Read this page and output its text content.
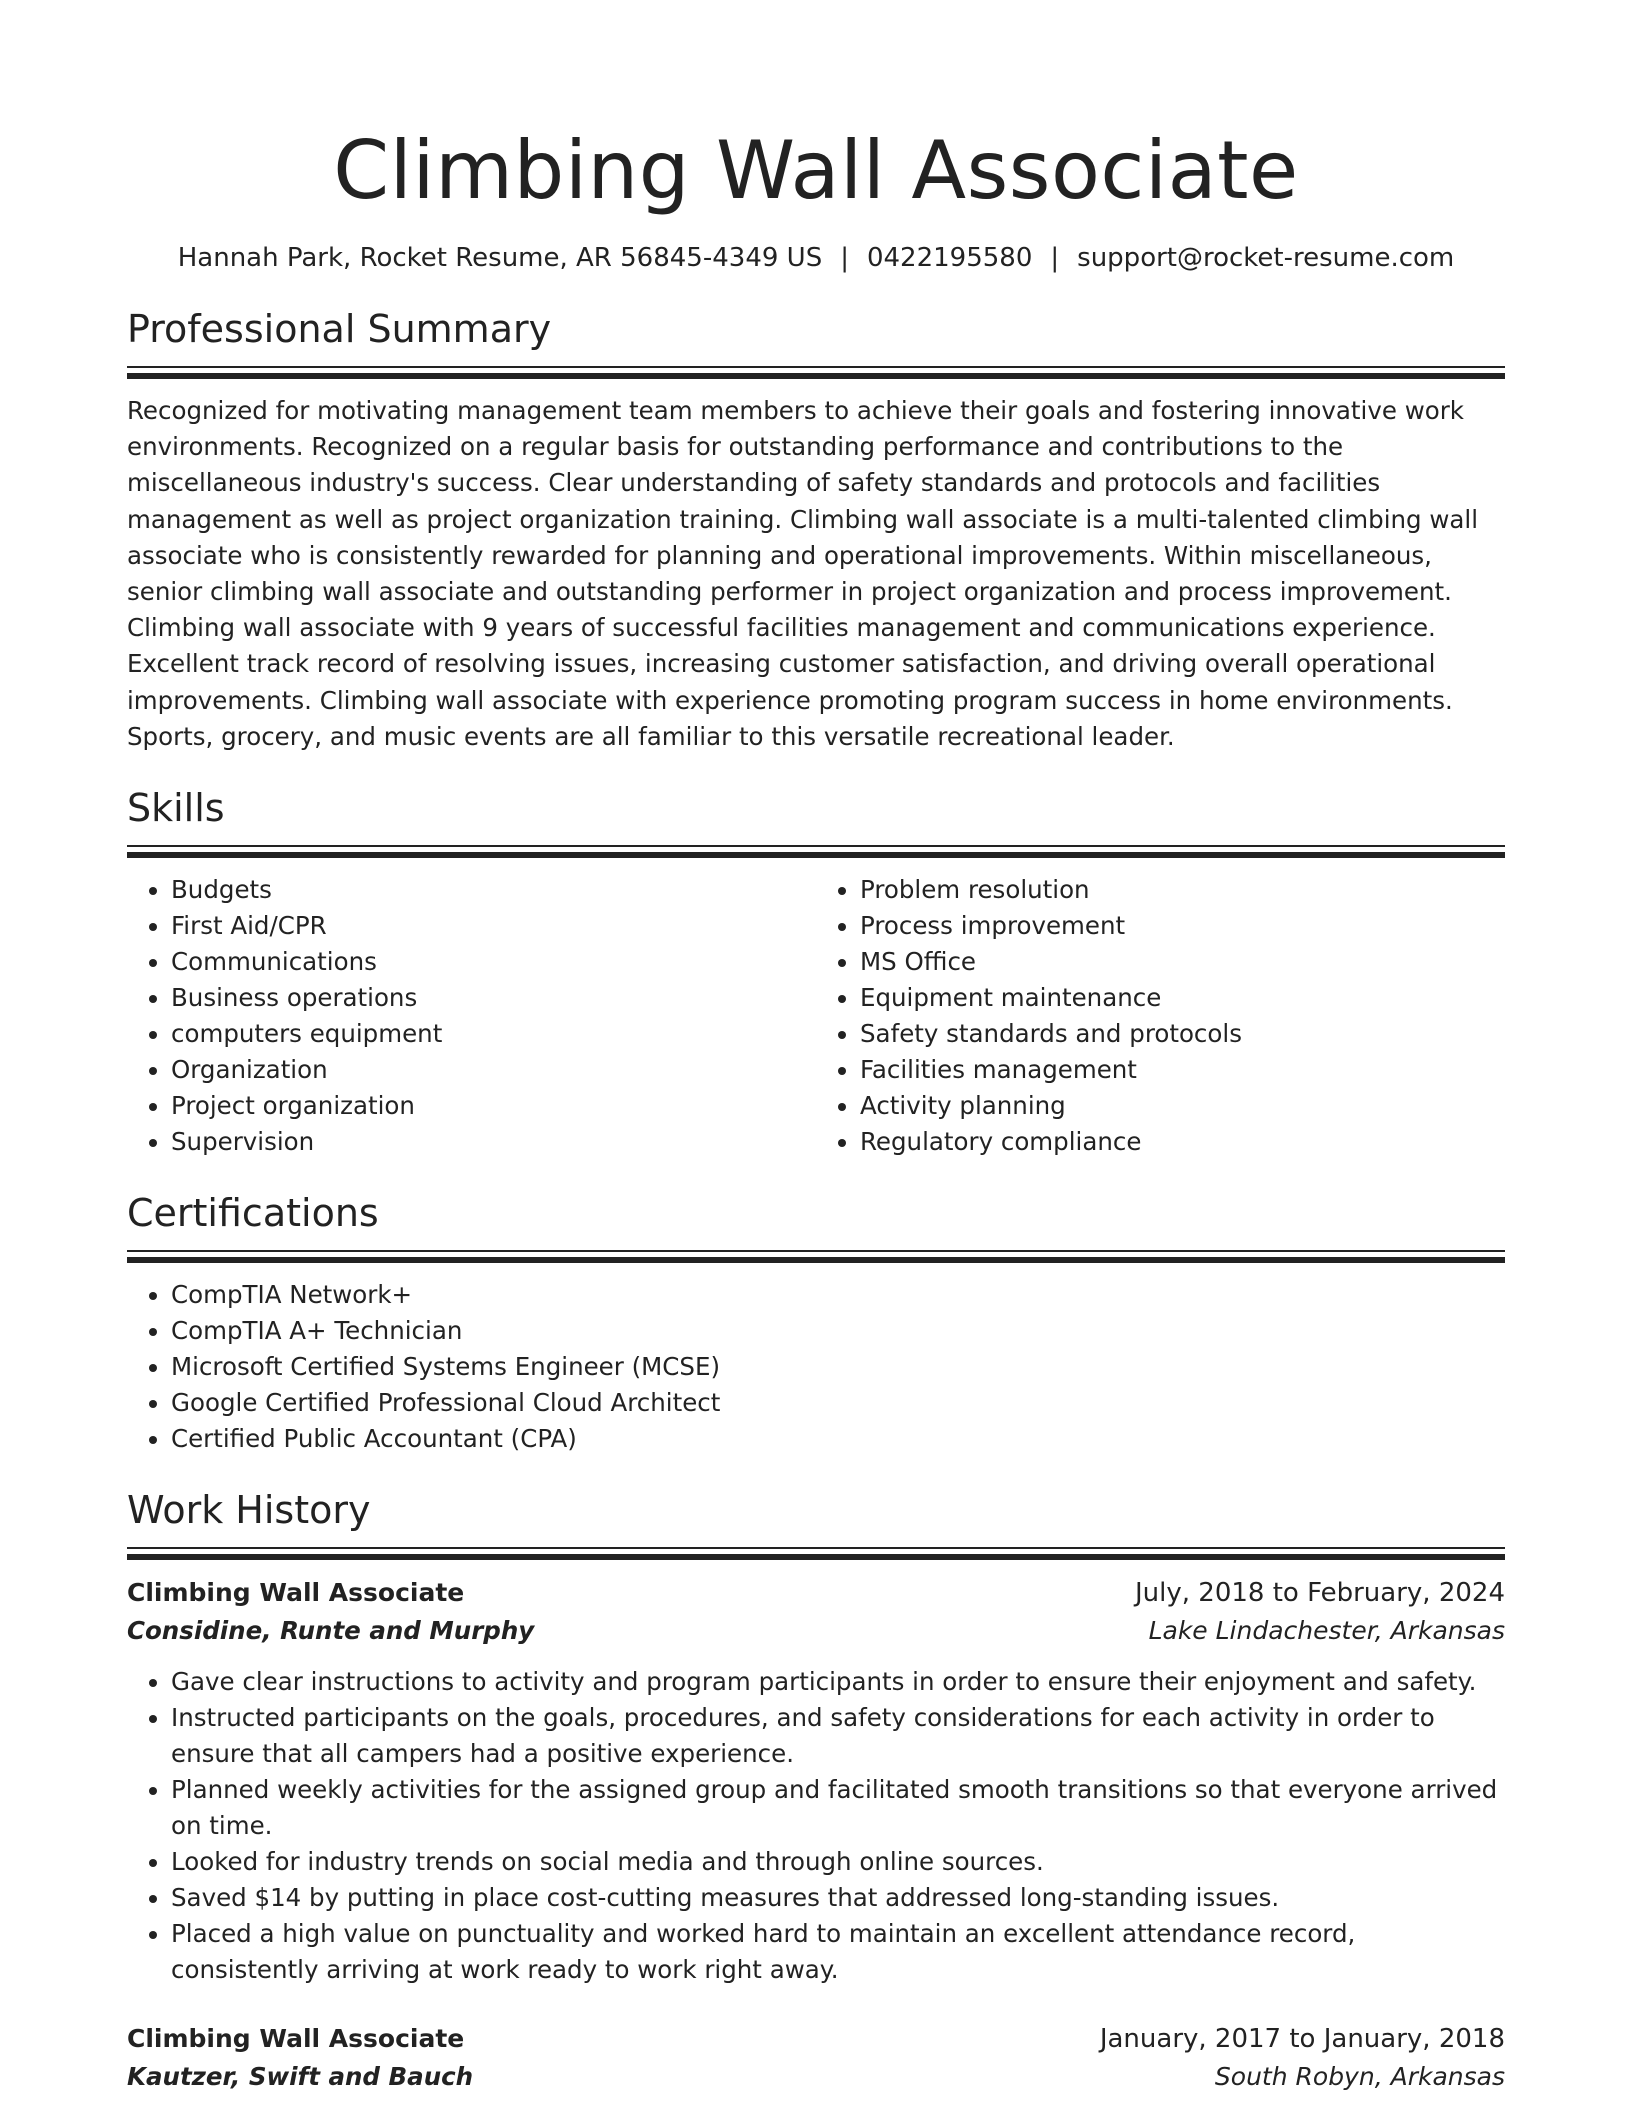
Climbing Wall Associate
Hannah Park, Rocket Resume, AR 56845-4349 US | 0422195580 | support@rocket-resume.com
Professional Summary

Recognized for motivating management team members to achieve their goals and fostering innovative work environments. Recognized on a regular basis for outstanding performance and contributions to the miscellaneous industry's success. Clear understanding of safety standards and protocols and facilities management as well as project organization training. Climbing wall associate is a multi-talented climbing wall associate who is consistently rewarded for planning and operational improvements. Within miscellaneous, senior climbing wall associate and outstanding performer in project organization and process improvement. Climbing wall associate with 9 years of successful facilities management and communications experience. Excellent track record of resolving issues, increasing customer satisfaction, and driving overall operational improvements. Climbing wall associate with experience promoting program success in home environments. Sports, grocery, and music events are all familiar to this versatile recreational leader.

Skills
• Budgets
• First Aid/CPR
• Communications
• Business operations
• computers equipment
• Organization
• Project organization
• Supervision
• Problem resolution
• Process improvement
• MS Office
• Equipment maintenance
• Safety standards and protocols
• Facilities management
• Activity planning
• Regulatory compliance
Certifications
• CompTIA Network+
• CompTIA A+ Technician
• Microsoft Certified Systems Engineer (MCSE)
• Google Certified Professional Cloud Architect
• Certified Public Accountant (CPA)
Work History
Climbing Wall Associate	July, 2018 to February, 2024
Considine, Runte and Murphy	Lake Lindachester, Arkansas
• Gave clear instructions to activity and program participants in order to ensure their enjoyment and safety.
• Instructed participants on the goals, procedures, and safety considerations for each activity in order to ensure that all campers had a positive experience.
• Planned weekly activities for the assigned group and facilitated smooth transitions so that everyone arrived on time.
• Looked for industry trends on social media and through online sources.
• Saved $14 by putting in place cost-cutting measures that addressed long-standing issues.
• Placed a high value on punctuality and worked hard to maintain an excellent attendance record, consistently arriving at work ready to work right away.
Climbing Wall Associate	January, 2017 to January, 2018
Kautzer, Swift and Bauch	South Robyn, Arkansas
